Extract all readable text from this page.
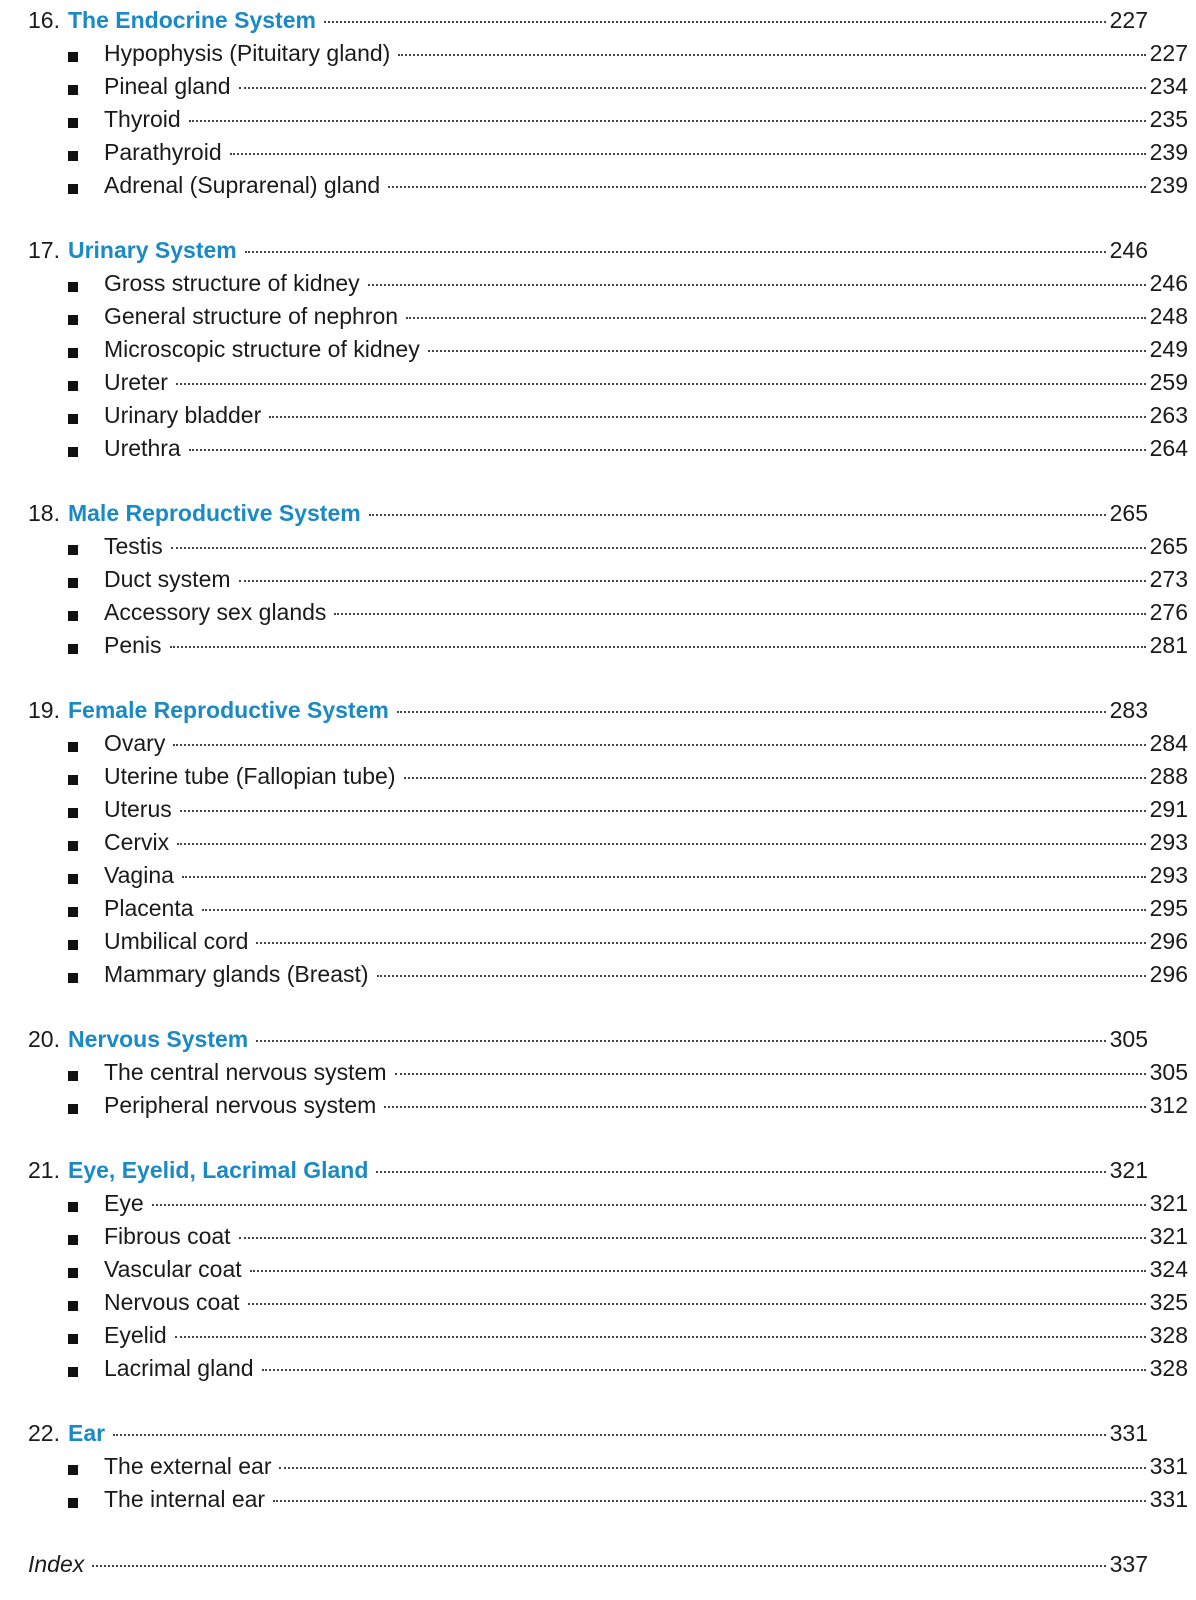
16. The Endocrine System	227
Hypophysis (Pituitary gland)	227
Pineal gland	234
Thyroid	235
Parathyroid	239
Adrenal (Suprarenal) gland	239
17. Urinary System	246
Gross structure of kidney	246
General structure of nephron	248
Microscopic structure of kidney	249
Ureter	259
Urinary bladder	263
Urethra	264
18. Male Reproductive System	265
Testis	265
Duct system	273
Accessory sex glands	276
Penis	281
19. Female Reproductive System	283
Ovary	284
Uterine tube (Fallopian tube)	288
Uterus	291
Cervix	293
Vagina	293
Placenta	295
Umbilical cord	296
Mammary glands (Breast)	296
20. Nervous System	305
The central nervous system	305
Peripheral nervous system	312
21. Eye, Eyelid, Lacrimal Gland	321
Eye	321
Fibrous coat	321
Vascular coat	324
Nervous coat	325
Eyelid	328
Lacrimal gland	328
22. Ear	331
The external ear	331
The internal ear	331
Index	337
